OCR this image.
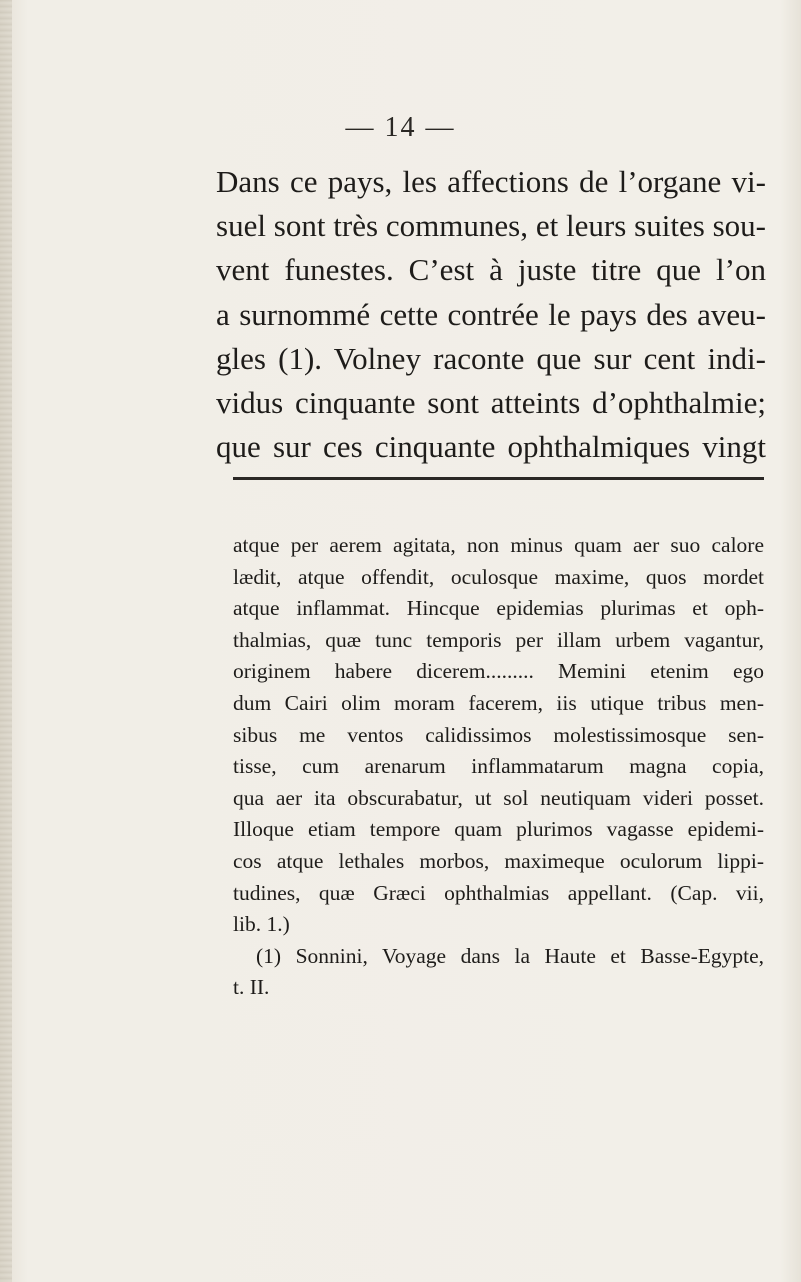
— 14 —
Dans ce pays, les affections de l’organe vi-
suel sont très communes, et leurs suites sou-
vent funestes. C’est à juste titre que l’on
a surnommé cette contrée le pays des aveu-
gles (1). Volney raconte que sur cent indi-
vidus cinquante sont atteints d’ophthalmie;
que sur ces cinquante ophthalmiques vingt
atque per aerem agitata, non minus quam aer suo calore
lædit, atque offendit, oculosque maxime, quos mordet
atque inflammat. Hincque epidemias plurimas et oph-
thalmias, quæ tunc temporis per illam urbem vagantur,
originem habere dicerem......... Memini etenim ego
dum Cairi olim moram facerem, iis utique tribus men-
sibus me ventos calidissimos molestissimosque sen-
tisse, cum arenarum inflammatarum magna copia,
qua aer ita obscurabatur, ut sol neutiquam videri posset.
Illoque etiam tempore quam plurimos vagasse epidemi-
cos atque lethales morbos, maximeque oculorum lippi-
tudines, quæ Græci ophthalmias appellant. (Cap. vii,
lib. 1.)
(1) Sonnini, Voyage dans la Haute et Basse-Egypte,
t. II.
